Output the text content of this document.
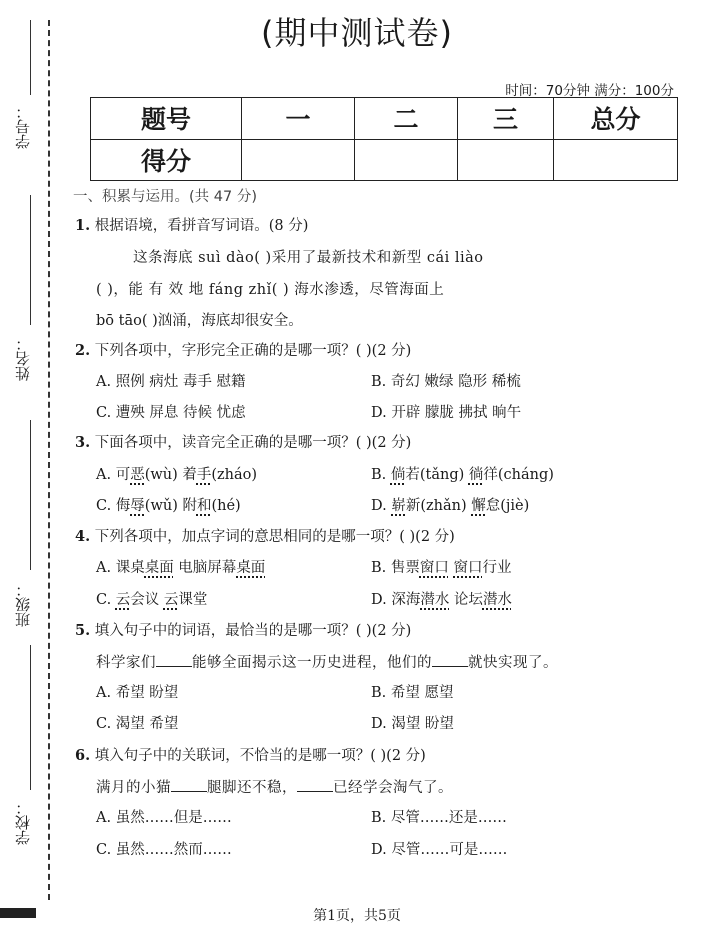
学号：
姓名：
班级：
学校：
(期中测试卷)
时间：70分钟 满分：100分
题号	一	二	三	总分
得分				
一、积累与运用。(共 47 分)
1. 根据语境，看拼音写词语。(8 分)
这条海底 suì dào( )采用了最新技术和新型 cái liào
( )，能 有 效 地 fáng zhǐ( ) 海水渗透，尽管海面上
bō tāo( )汹涌，海底却很安全。
2. 下列各项中，字形完全正确的是哪一项？( )(2 分)
A. 照例 病灶 毒手 慰籍	B. 奇幻 嫩绿 隐形 稀梳
C. 遭殃 屏息 待候 忧虑	D. 开辟 朦胧 拂拭 晌午
3. 下面各项中，读音完全正确的是哪一项？( )(2 分)
A. 可恶(wù) 着手(zháo)	B. 倘若(tǎng) 徜徉(cháng)
C. 侮辱(wǔ) 附和(hé)	D. 崭新(zhǎn) 懈怠(jiè)
4. 下列各项中，加点字词的意思相同的是哪一项？( )(2 分)
A. 课桌桌面 电脑屏幕桌面	B. 售票窗口 窗口行业
C. 云会议 云课堂	D. 深海潜水 论坛潜水
5. 填入句子中的词语，最恰当的是哪一项？( )(2 分)
科学家们 能够全面揭示这一历史进程，他们的 就快实现了。
A. 希望 盼望	B. 希望 愿望
C. 渴望 希望	D. 渴望 盼望
6. 填入句子中的关联词，不恰当的是哪一项？( )(2 分)
满月的小猫 腿脚还不稳， 已经学会淘气了。
A. 虽然……但是……	B. 尽管……还是……
C. 虽然……然而……	D. 尽管……可是……
第1页，共5页
